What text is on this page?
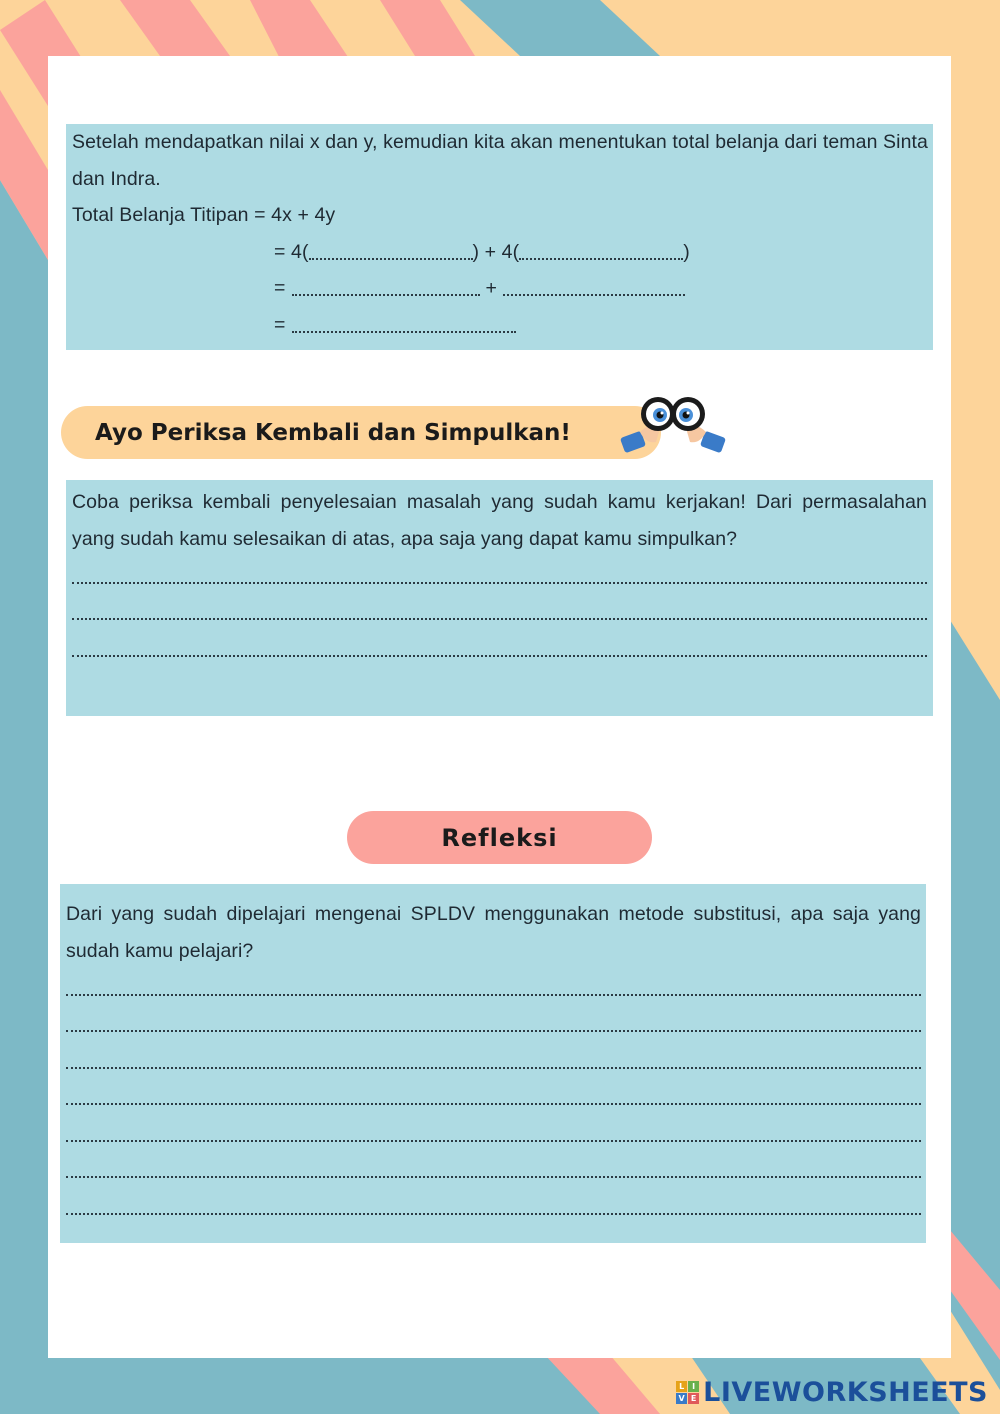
Setelah mendapatkan nilai x dan y, kemudian kita akan menentukan total belanja dari teman Sinta dan Indra.
Total Belanja Titipan = 4x + 4y
= 4(	) + 4(	)
=	+
=
Ayo Periksa Kembali dan Simpulkan!
Coba periksa kembali penyelesaian masalah yang sudah kamu kerjakan! Dari permasalahan yang sudah kamu selesaikan di atas, apa saja yang dapat kamu simpulkan?
Refleksi
Dari yang sudah dipelajari mengenai SPLDV menggunakan metode substitusi, apa saja yang sudah kamu pelajari?
L I
V E LIVEWORKSHEETS
